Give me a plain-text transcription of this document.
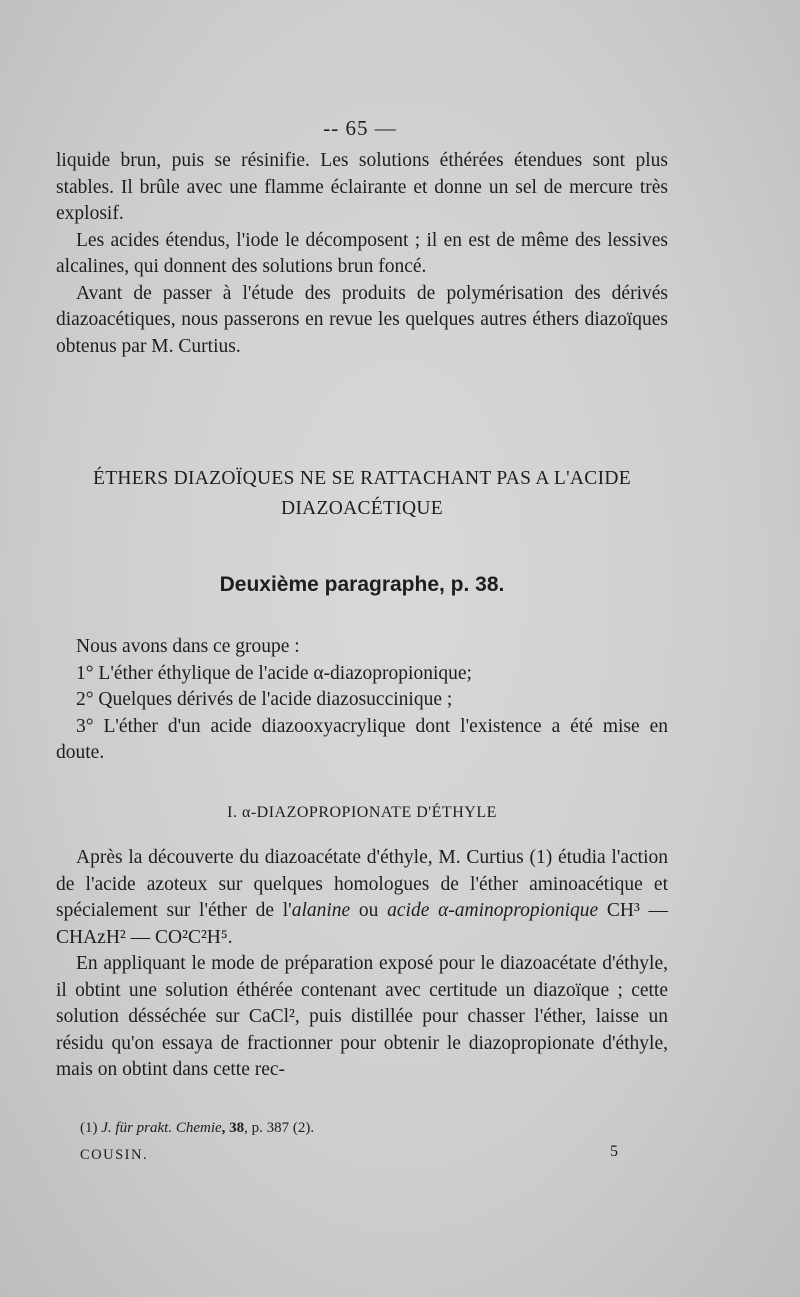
-- 65 —

liquide brun, puis se résinifie. Les solutions éthérées étendues sont plus stables. Il brûle avec une flamme éclairante et donne un sel de mercure très explosif.

Les acides étendus, l'iode le décomposent ; il en est de même des lessives alcalines, qui donnent des solutions brun foncé.

Avant de passer à l'étude des produits de polymérisation des dérivés diazoacétiques, nous passerons en revue les quelques autres éthers diazoïques obtenus par M. Curtius.

ÉTHERS DIAZOÏQUES NE SE RATTACHANT PAS A L'ACIDE
DIAZOACÉTIQUE
Deuxième paragraphe, p. 38.

Nous avons dans ce groupe :

1° L'éther éthylique de l'acide α-diazopropionique;

2° Quelques dérivés de l'acide diazosuccinique ;

3° L'éther d'un acide diazooxyacrylique dont l'existence a été mise en doute.

I. α-DIAZOPROPIONATE D'ÉTHYLE

Après la découverte du diazoacétate d'éthyle, M. Curtius (1) étudia l'action de l'acide azoteux sur quelques homologues de l'éther aminoacétique et spécialement sur l'éther de l'alanine ou acide α-aminopropionique CH³ — CHAzH² — CO²C²H⁵.

En appliquant le mode de préparation exposé pour le diazoacétate d'éthyle, il obtint une solution éthérée contenant avec certitude un diazoïque ; cette solution désséchée sur CaCl², puis distillée pour chasser l'éther, laisse un résidu qu'on essaya de fractionner pour obtenir le diazopropionate d'éthyle, mais on obtint dans cette rec-

(1) J. für prakt. Chemie, 38, p. 387 (2).
COUSIN.	5
